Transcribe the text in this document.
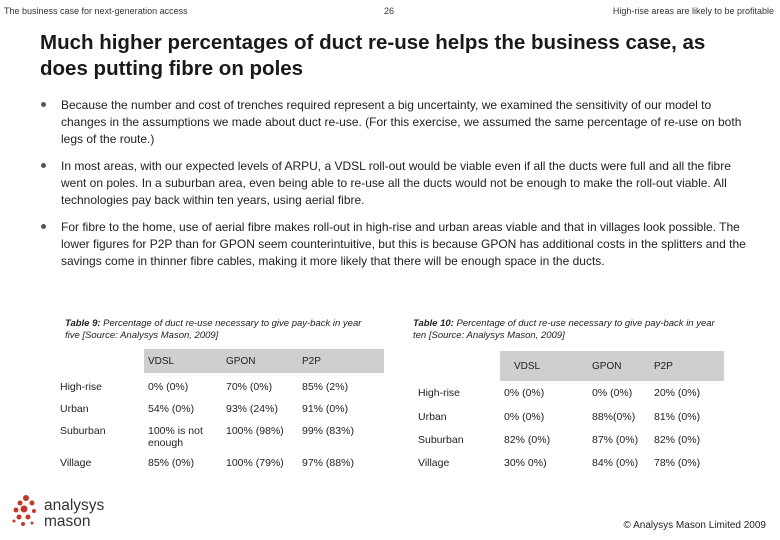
The business case for next-generation access	26	High-rise areas are likely to be profitable
Much higher percentages of duct re-use helps the business case, as does putting fibre on poles
Because the number and cost of trenches required represent a big uncertainty, we examined the sensitivity of our model to changes in the assumptions we made about duct re-use. (For this exercise, we assumed the same percentage of re-use on both legs of the route.)
In most areas, with our expected levels of ARPU, a VDSL roll-out would be viable even if all the ducts were full and all the fibre went on poles. In a suburban area, even being able to re-use all the ducts would not be enough to make the roll-out viable. All technologies pay back within ten years, using aerial fibre.
For fibre to the home, use of aerial fibre makes roll-out in high-rise and urban areas viable and that in villages look possible. The lower figures for P2P than for GPON seem counterintuitive, but this is because GPON has additional costs in the splitters and the savings come in thinner fibre cables, making it more likely that there will be enough space in the ducts.
Table 9: Percentage of duct re-use necessary to give pay-back in year five [Source: Analysys Mason, 2009]
	VDSL	GPON	P2P

High-rise	0% (0%)	70% (0%)	85% (2%)
Urban	54% (0%)	93% (24%)	91% (0%)
Suburban	100% is not enough	100% (98%)	99% (83%)
Village	85% (0%)	100% (79%)	97% (88%)
Table 10: Percentage of duct re-use necessary to give pay-back in year ten [Source: Analysys Mason, 2009]
	VDSL	GPON	P2P

High-rise	0% (0%)	0% (0%)	20% (0%)
Urban	0% (0%)	88%(0%)	81% (0%)
Suburban	82% (0%)	87% (0%)	82% (0%)
Village	30% 0%)	84% (0%)	78% (0%)
analysys
mason	© Analysys Mason Limited 2009
